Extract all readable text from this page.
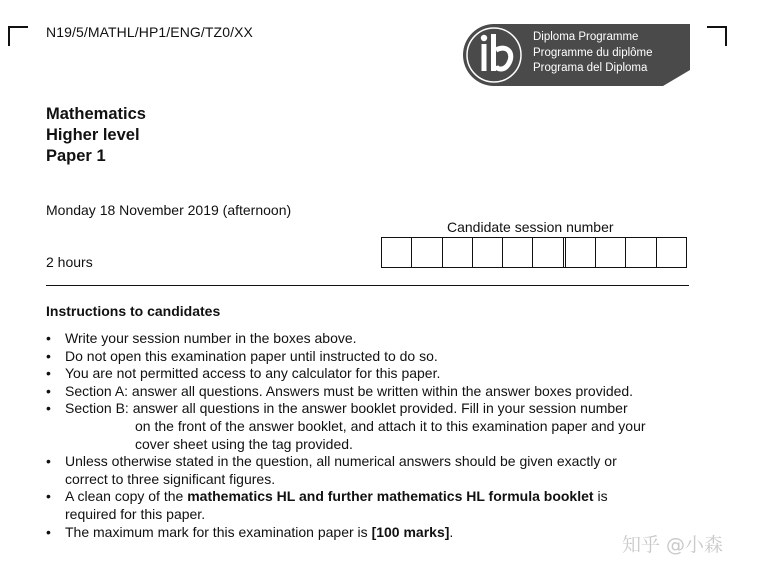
N19/5/MATHL/HP1/ENG/TZ0/XX	Diploma Programme
Programme du diplôme
Programa del Diploma
Mathematics
Higher level
Paper 1
Monday 18 November 2019 (afternoon)
Candidate session number
2 hours
Instructions to candidates
• Write your session number in the boxes above.
• Do not open this examination paper until instructed to do so.
• You are not permitted access to any calculator for this paper.
• Section A: answer all questions. Answers must be written within the answer boxes provided.
• Section B: answer all questions in the answer booklet provided. Fill in your session number
on the front of the answer booklet, and attach it to this examination paper and your
cover sheet using the tag provided.
• Unless otherwise stated in the question, all numerical answers should be given exactly or
correct to three significant figures.
• A clean copy of the mathematics HL and further mathematics HL formula booklet is
required for this paper.
• The maximum mark for this examination paper is [100 marks].
知乎 @小森
